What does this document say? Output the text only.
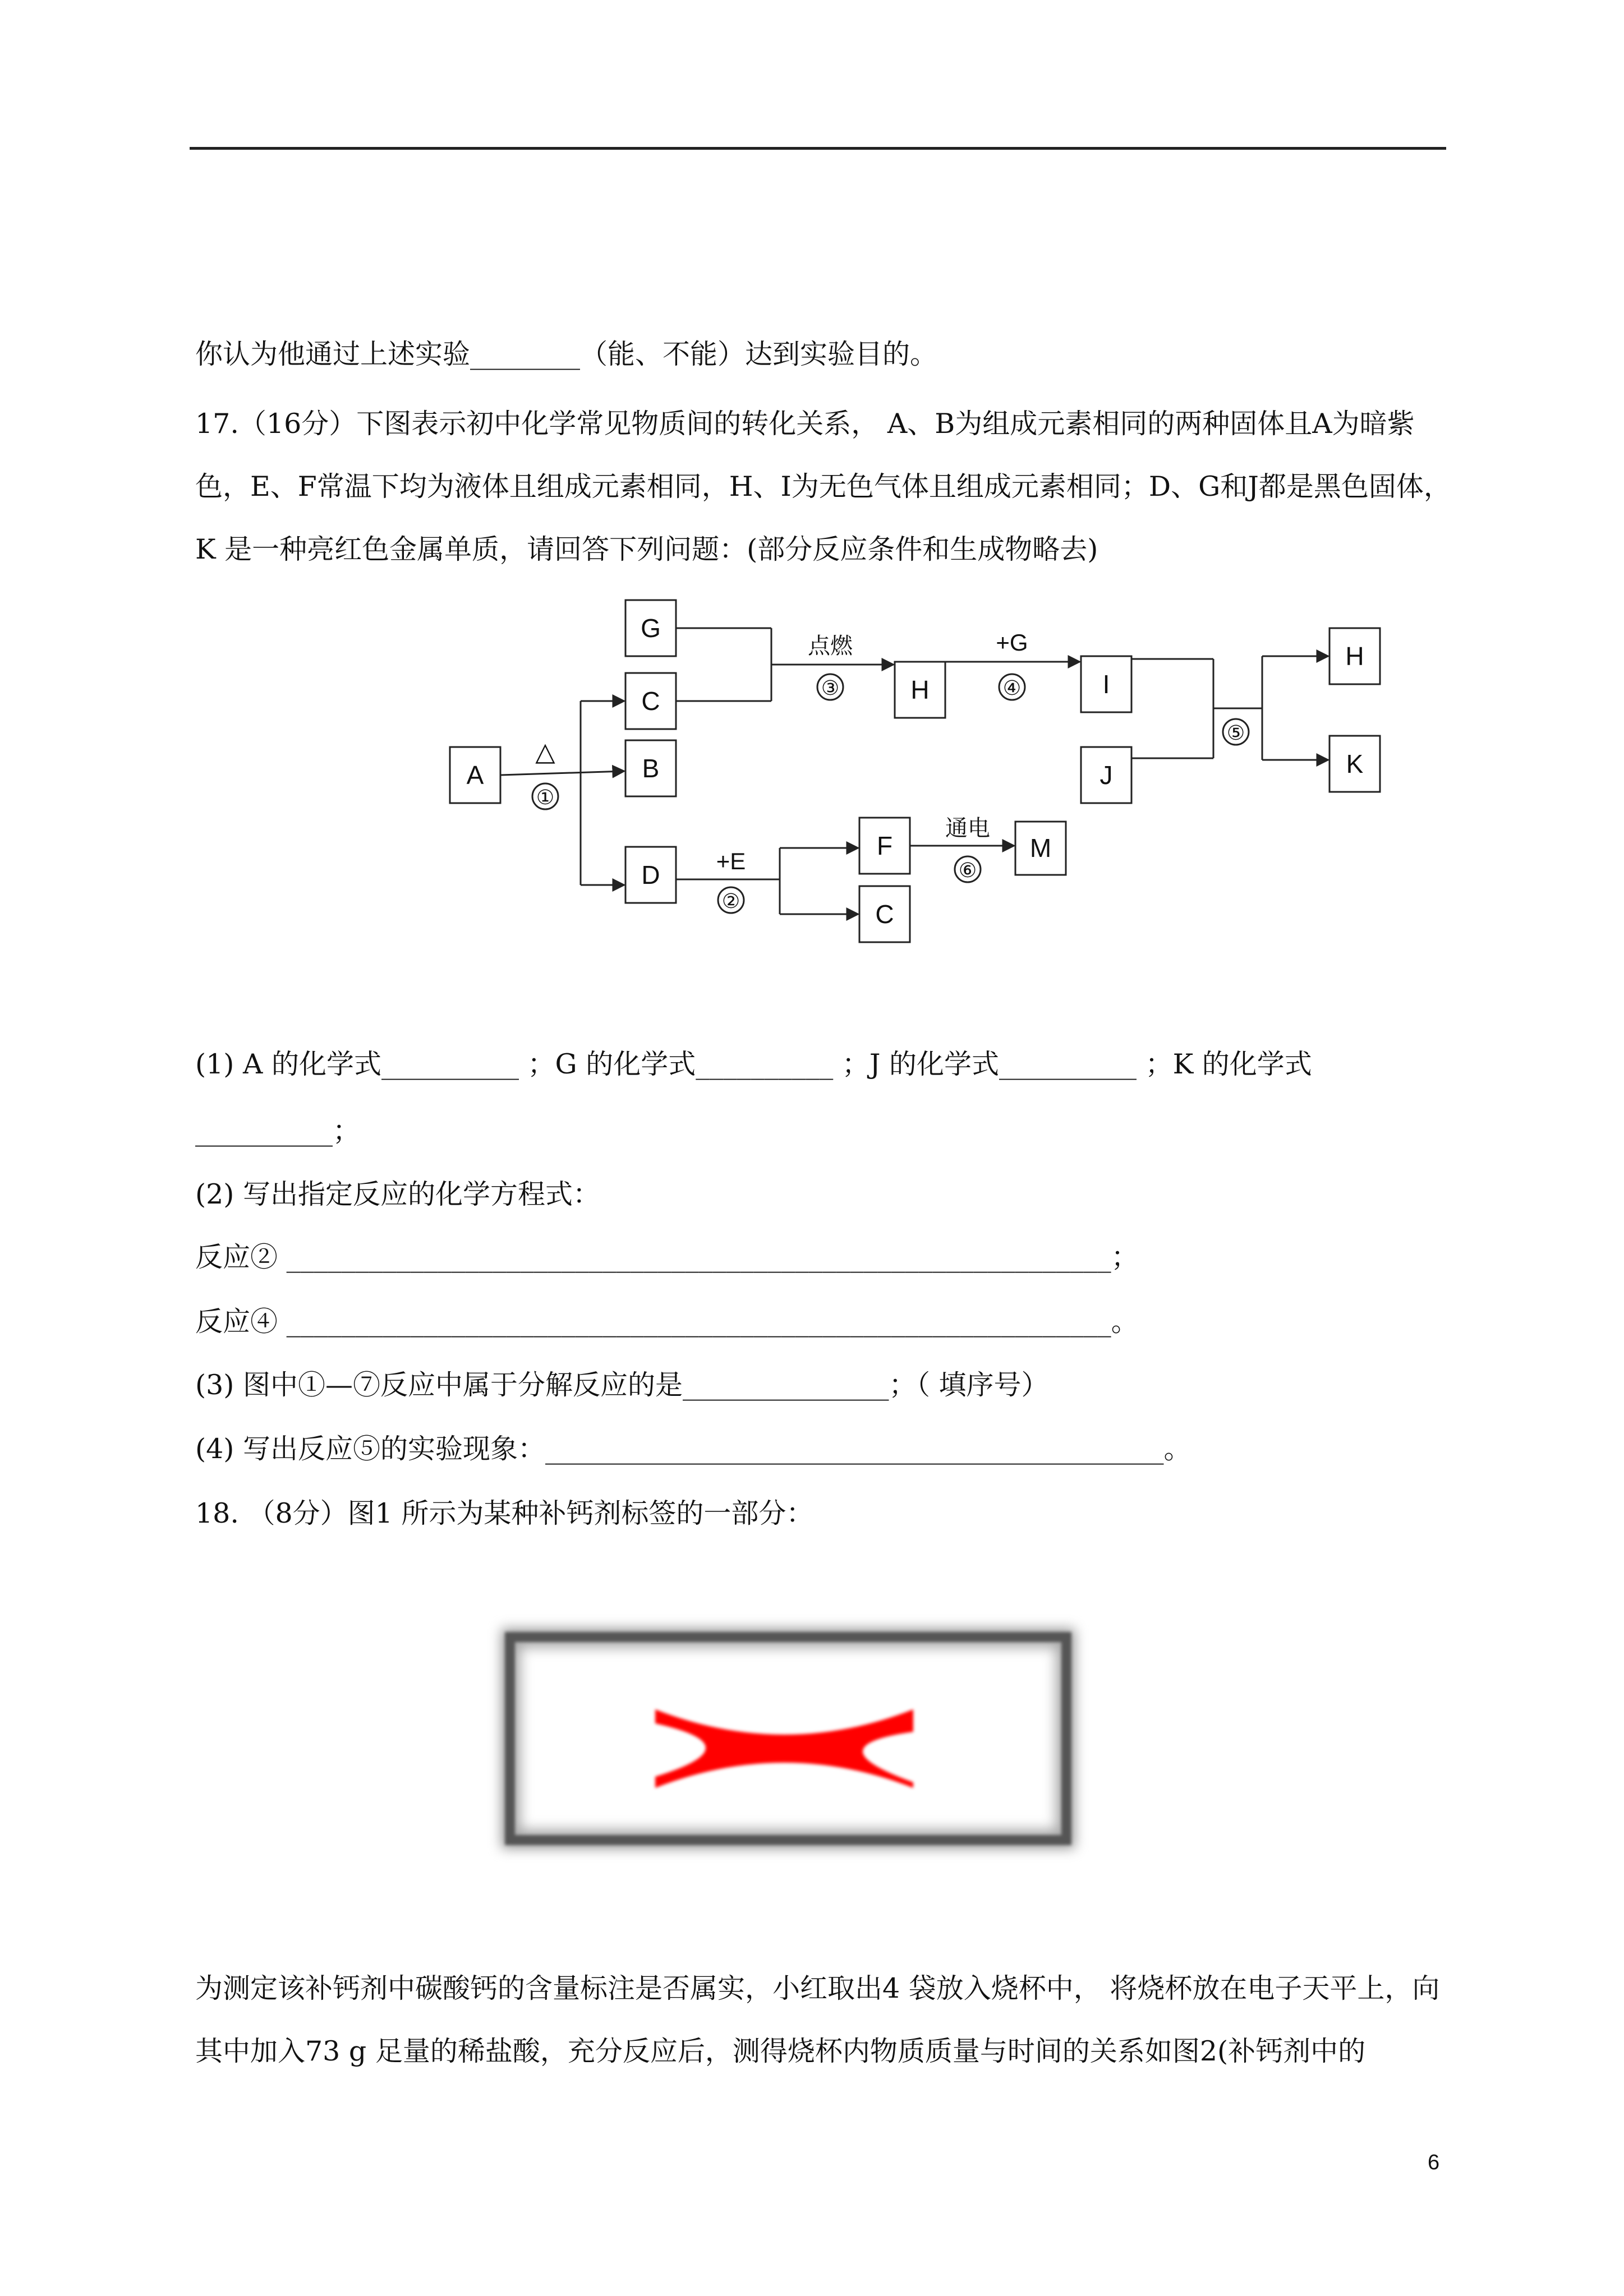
你认为他通过上述实验________（能、不能）达到实验目的。
17.（16分）下图表示初中化学常见物质间的转化关系， A、B为组成元素相同的两种固体且A为暗紫色，E、F常温下均为液体且组成元素相同，H、I为无色气体且组成元素相同；D、G和J都是黑色固体，K 是一种亮红色金属单质，请回答下列问题：(部分反应条件和生成物略去)
A
G
C
B
D
H	I
J
H
K
F
C
M
△
①
点燃
③
+G
④
⑤
+E
②
通电
⑥
(1) A 的化学式__________ ；G 的化学式__________ ；J 的化学式__________ ；K 的化学式
__________；
(2) 写出指定反应的化学方程式：
反应② ____________________________________________________________；
反应④ ____________________________________________________________。
(3) 图中①—⑦反应中属于分解反应的是_______________；（ 填序号）
(4) 写出反应⑤的实验现象：_____________________________________________。
18. （8分）图1 所示为某种补钙剂标签的一部分：
为测定该补钙剂中碳酸钙的含量标注是否属实，小红取出4 袋放入烧杯中， 将烧杯放在电子天平上，向其中加入73 g 足量的稀盐酸，充分反应后，测得烧杯内物质质量与时间的关系如图2(补钙剂中的
6
